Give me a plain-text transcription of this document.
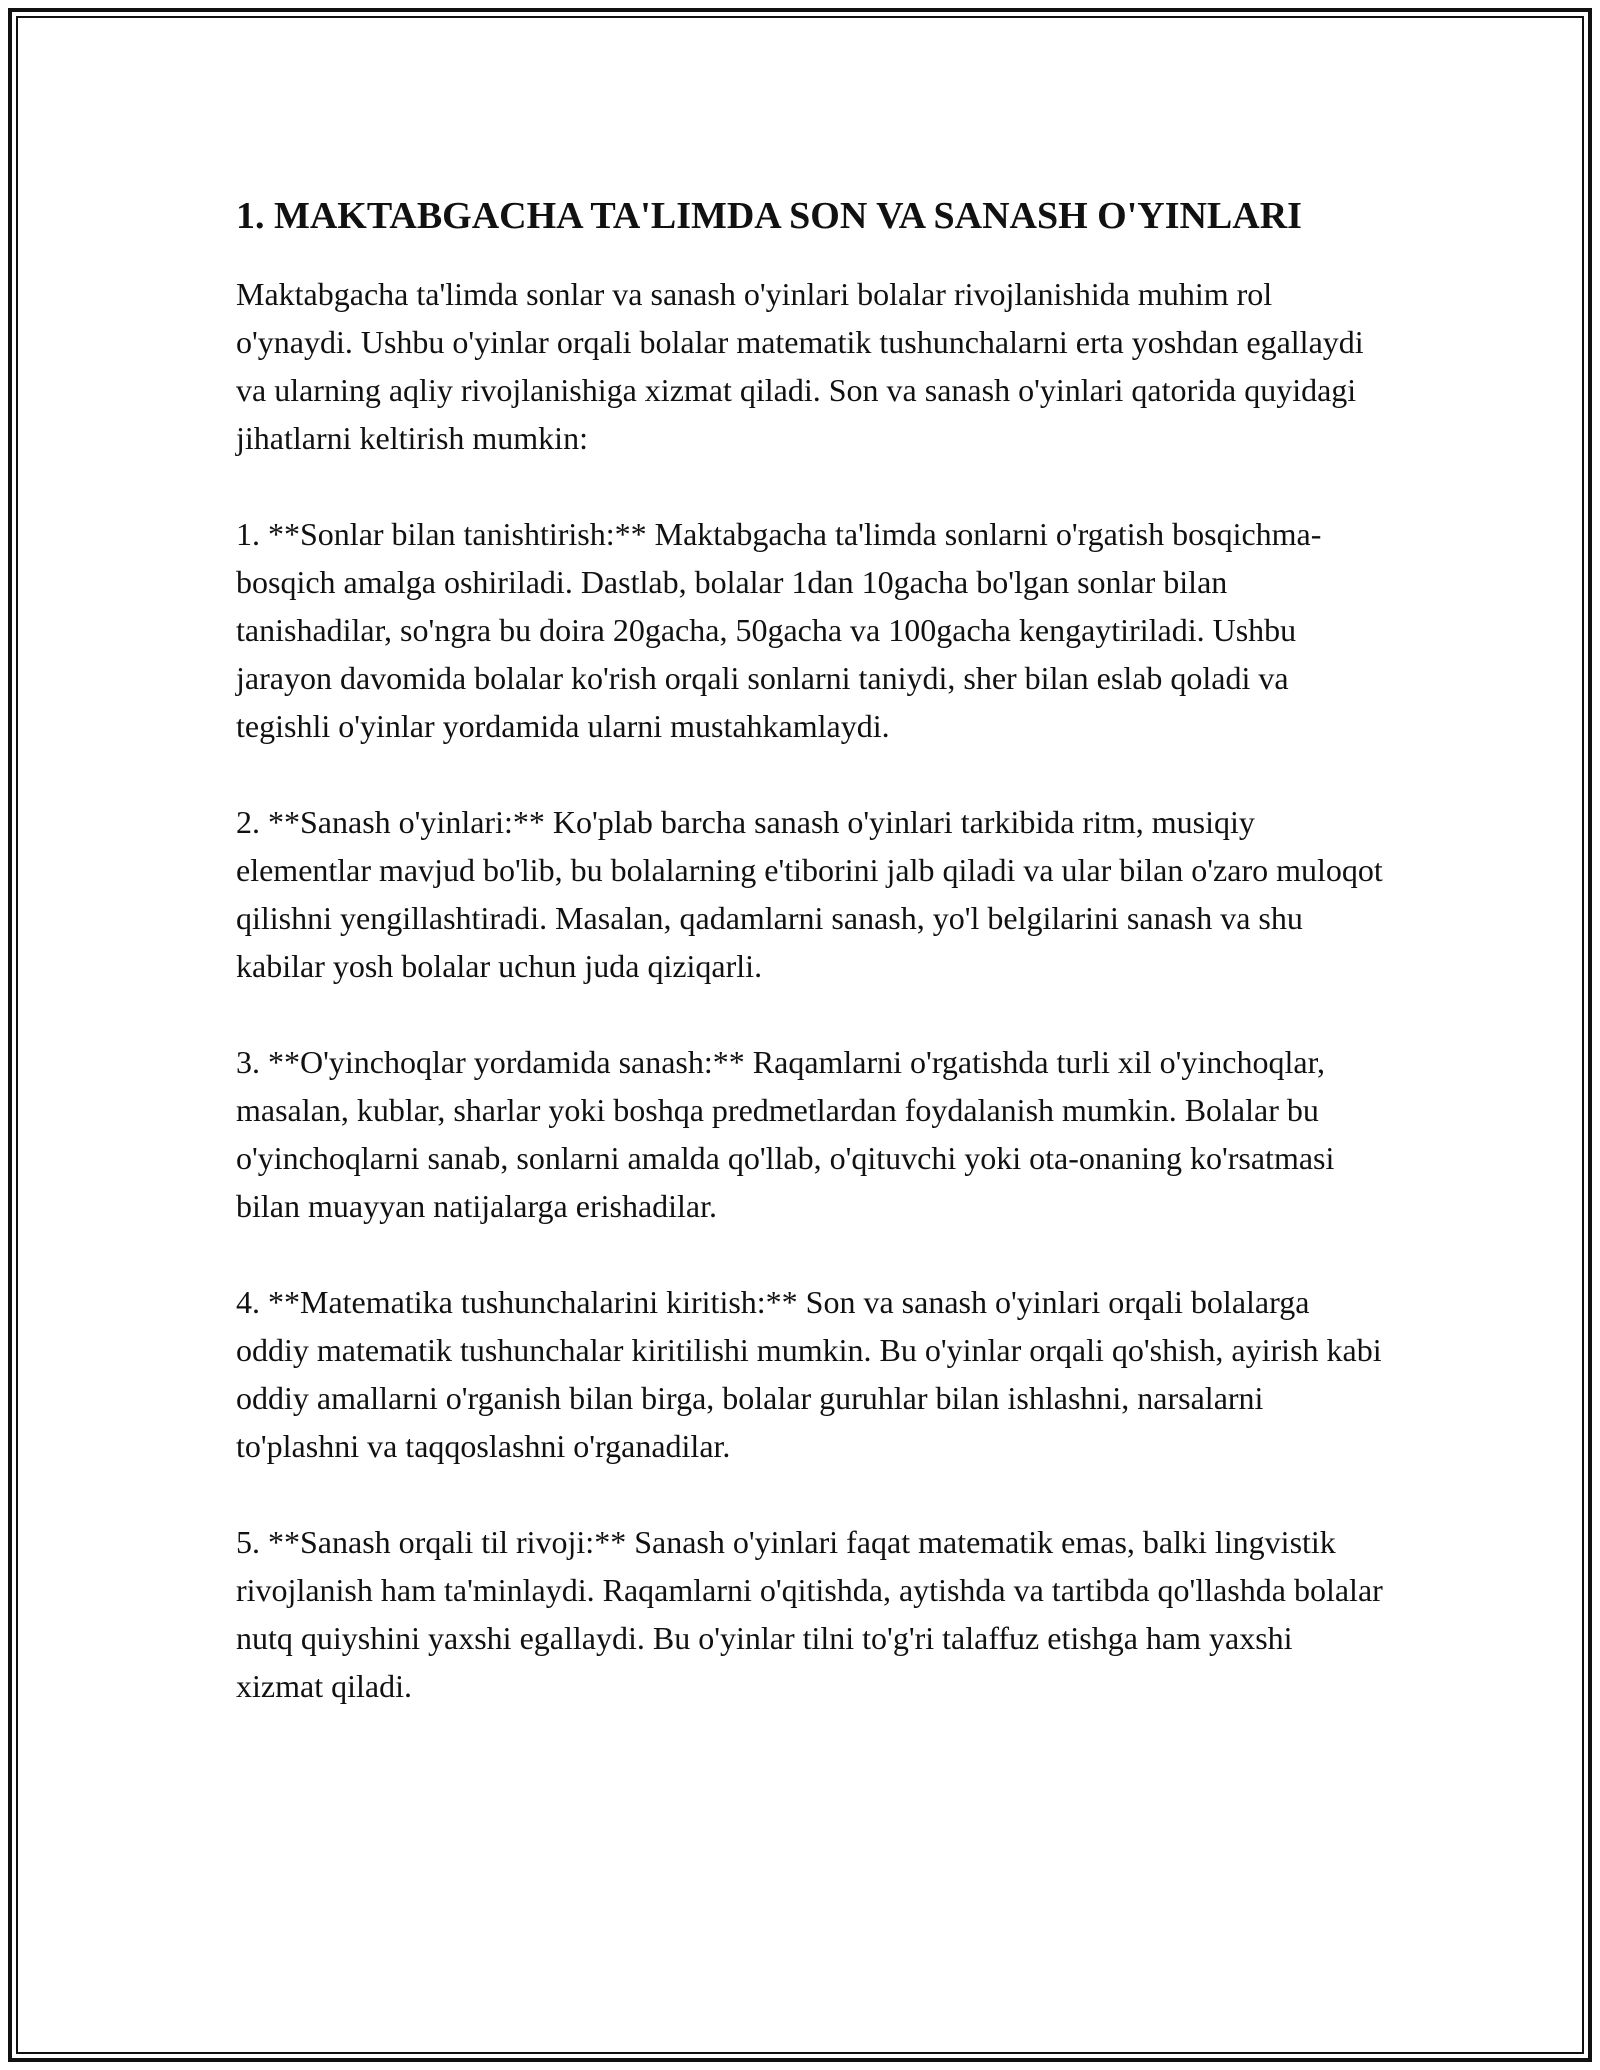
1. MAKTABGACHA TA'LIMDA SON VA SANASH O'YINLARI

Maktabgacha ta'limda sonlar va sanash o'yinlari bolalar rivojlanishida muhim rol o'ynaydi. Ushbu o'yinlar orqali bolalar matematik tushunchalarni erta yoshdan egallaydi va ularning aqliy rivojlanishiga xizmat qiladi. Son va sanash o'yinlari qatorida quyidagi jihatlarni keltirish mumkin:

1. **Sonlar bilan tanishtirish:** Maktabgacha ta'limda sonlarni o'rgatish bosqichma-bosqich amalga oshiriladi. Dastlab, bolalar 1dan 10gacha bo'lgan sonlar bilan tanishadilar, so'ngra bu doira 20gacha, 50gacha va 100gacha kengaytiriladi. Ushbu jarayon davomida bolalar ko'rish orqali sonlarni taniydi, sher bilan eslab qoladi va tegishli o'yinlar yordamida ularni mustahkamlaydi.

2. **Sanash o'yinlari:** Ko'plab barcha sanash o'yinlari tarkibida ritm, musiqiy elementlar mavjud bo'lib, bu bolalarning e'tiborini jalb qiladi va ular bilan o'zaro muloqot qilishni yengillashtiradi. Masalan, qadamlarni sanash, yo'l belgilarini sanash va shu kabilar yosh bolalar uchun juda qiziqarli.

3. **O'yinchoqlar yordamida sanash:** Raqamlarni o'rgatishda turli xil o'yinchoqlar, masalan, kublar, sharlar yoki boshqa predmetlardan foydalanish mumkin. Bolalar bu o'yinchoqlarni sanab, sonlarni amalda qo'llab, o'qituvchi yoki ota-onaning ko'rsatmasi bilan muayyan natijalarga erishadilar.

4. **Matematika tushunchalarini kiritish:** Son va sanash o'yinlari orqali bolalarga oddiy matematik tushunchalar kiritilishi mumkin. Bu o'yinlar orqali qo'shish, ayirish kabi oddiy amallarni o'rganish bilan birga, bolalar guruhlar bilan ishlashni, narsalarni to'plashni va taqqoslashni o'rganadilar.

5. **Sanash orqali til rivoji:** Sanash o'yinlari faqat matematik emas, balki lingvistik rivojlanish ham ta'minlaydi. Raqamlarni o'qitishda, aytishda va tartibda qo'llashda bolalar nutq quiyshini yaxshi egallaydi. Bu o'yinlar tilni to'g'ri talaffuz etishga ham yaxshi xizmat qiladi.
